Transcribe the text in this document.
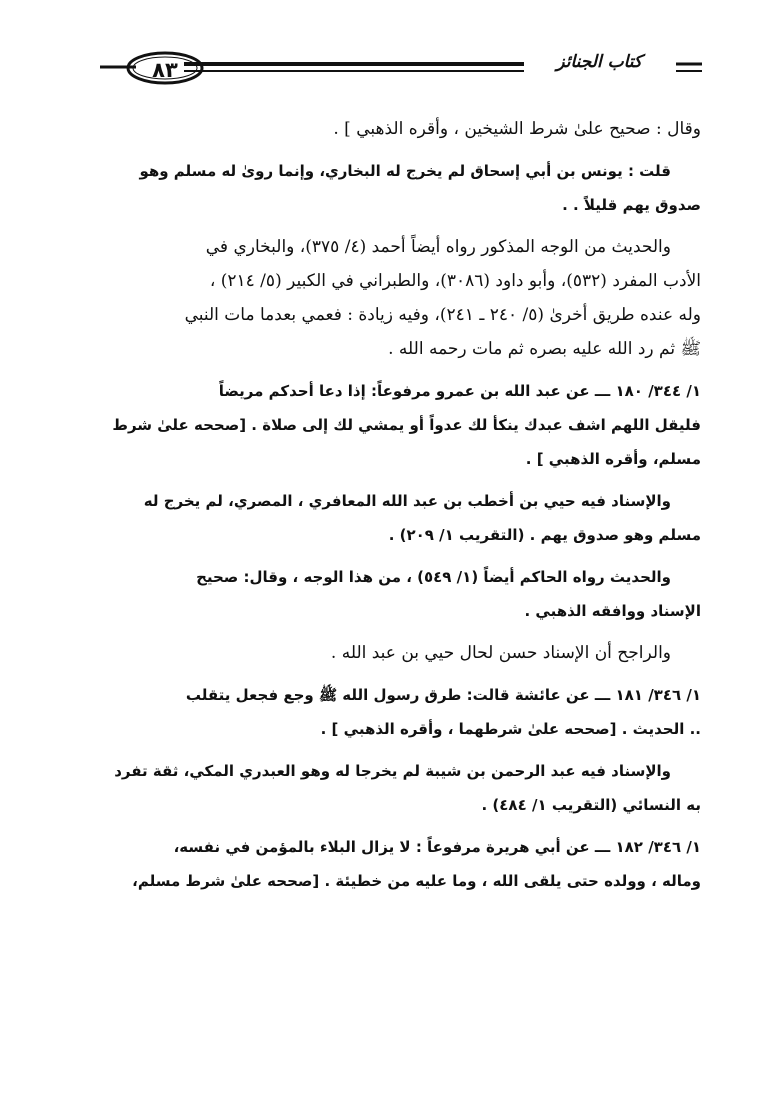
كتاب الجنائز
٨٣

وقال : صحيح علىٰ شرط الشيخين ، وأقره الذهبي ] .

قلت : يونس بن أبي إسحاق لم يخرج له البخاري، وإنما روىٰ له مسلم وهو
صدوق يهم قليلاً . .

والحديث من الوجه المذكور رواه أيضاً أحمد (٤/ ٣٧٥)، والبخاري في
الأدب المفرد (٥٣٢)، وأبو داود (٣٠٨٦)، والطبراني في الكبير (٥/ ٢١٤) ،
وله عنده طريق أخرىٰ (٥/ ٢٤٠ ـ ٢٤١)، وفيه زيادة : فعمي بعدما مات النبي
ﷺ ثم رد الله عليه بصره ثم مات رحمه الله .

١/ ٣٤٤/ ١٨٠ ـــ عن عبد الله بن عمرو مرفوعاً: إذا دعا أحدكم مريضاً
فليقل اللهم اشف عبدك ينكأ لك عدواً أو يمشي لك إلى صلاة . [صححه علىٰ شرط
مسلم، وأقره الذهبي ] .

والإسناد فيه حيي بن أخطب بن عبد الله المعافري ، المصري، لم يخرج له
مسلم وهو صدوق يهم . (التقريب ١/ ٢٠٩) .

والحديث رواه الحاكم أيضاً (١/ ٥٤٩) ، من هذا الوجه ، وقال: صحيح
الإسناد ووافقه الذهبي .

والراجح أن الإسناد حسن لحال حيي بن عبد الله .

١/ ٣٤٦/ ١٨١ ـــ عن عائشة قالت: طرق رسول الله ﷺ وجع فجعل يتقلب
.. الحديث . [صححه علىٰ شرطهما ، وأقره الذهبي ] .

والإسناد فيه عبد الرحمن بن شيبة لم يخرجا له وهو العبدري المكي، ثقة تفرد
به النسائي (التقريب ١/ ٤٨٤) .

١/ ٣٤٦/ ١٨٢ ـــ عن أبي هريرة مرفوعاً : لا يزال البلاء بالمؤمن في نفسه،
وماله ، وولده حتى يلقى الله ، وما عليه من خطيئة . [صححه علىٰ شرط مسلم،
